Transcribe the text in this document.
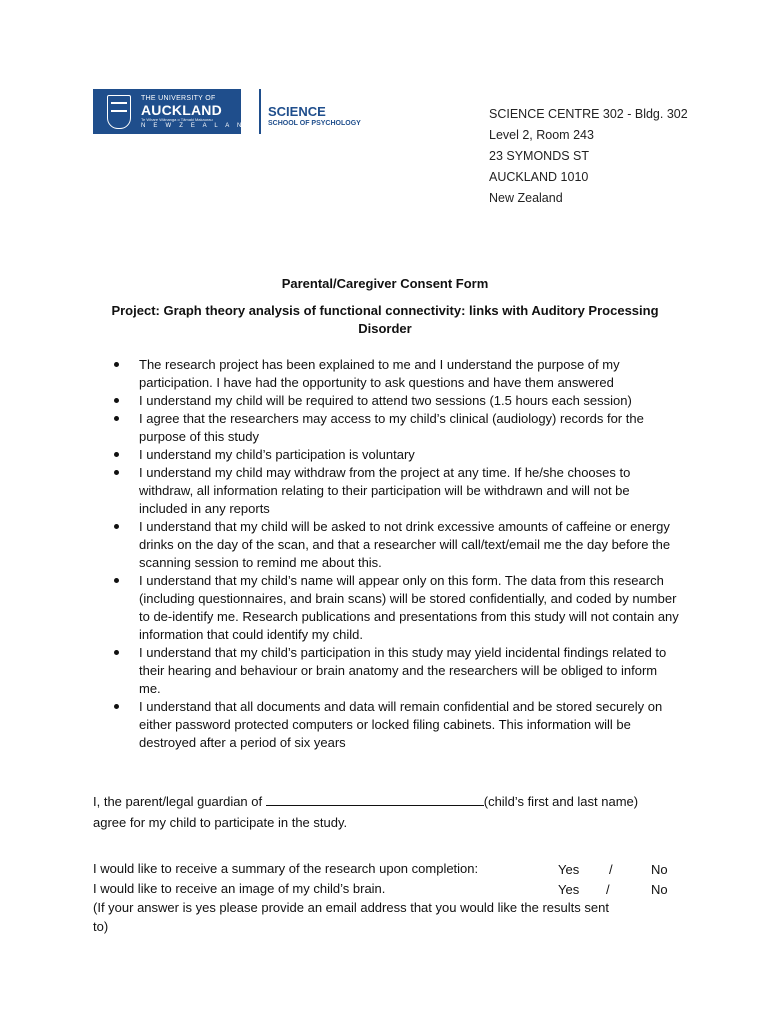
THE UNIVERSITY OF
AUCKLAND
Te Whare Wānanga o Tāmaki Makaurau
N E W Z E A L A N D
SCIENCE
SCHOOL OF PSYCHOLOGY
SCIENCE CENTRE 302 - Bldg. 302
Level 2, Room 243
23 SYMONDS ST
AUCKLAND 1010
New Zealand
Parental/Caregiver Consent Form
Project: Graph theory analysis of functional connectivity: links with Auditory Processing Disorder
The research project has been explained to me and I understand the purpose of my participation. I have had the opportunity to ask questions and have them answered
I understand my child will be required to attend two sessions (1.5 hours each session)
I agree that the researchers may access to my child’s clinical (audiology) records for the purpose of this study
I understand my child’s participation is voluntary
I understand my child may withdraw from the project at any time. If he/she chooses to withdraw, all information relating to their participation will be withdrawn and will not be included in any reports
I understand that my child will be asked to not drink excessive amounts of caffeine or energy drinks on the day of the scan, and that a researcher will call/text/email me the day before the scanning session to remind me about this.
I understand that my child’s name will appear only on this form. The data from this research (including questionnaires, and brain scans) will be stored confidentially, and coded by number to de-identify me. Research publications and presentations from this study will not contain any information that could identify my child.
I understand that my child’s participation in this study may yield incidental findings related to their hearing and behaviour or brain anatomy and the researchers will be obliged to inform me.
I understand that all documents and data will remain confidential and be stored securely on either password protected computers or locked filing cabinets. This information will be destroyed after a period of six years
I, the parent/legal guardian of	(child’s first and last name)
agree for my child to participate in the study.
I would like to receive a summary of the research upon completion:	Yes /	No
I would like to receive an image of my child’s brain.	Yes /	No
(If your answer is yes please provide an email address that you would like the results sent
to)
